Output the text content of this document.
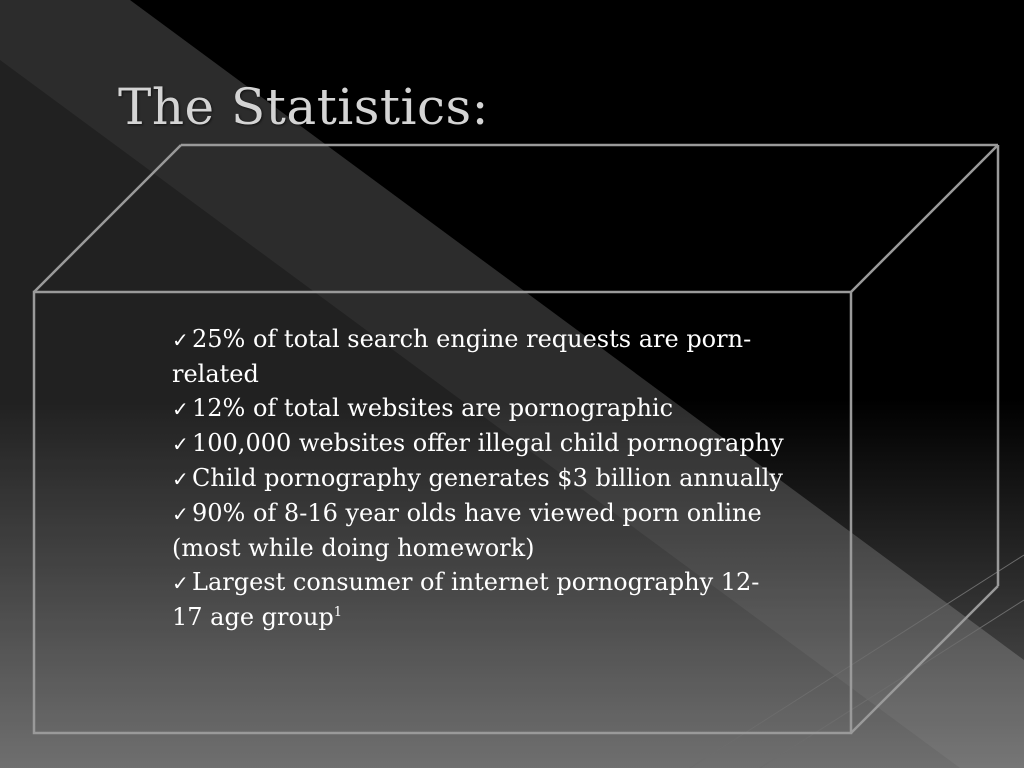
The Statistics:
✓ 25% of total search engine requests are porn-related
✓ 12% of total websites are pornographic
✓ 100,000 websites offer illegal child pornography
✓ Child pornography generates $3 billion annually
✓ 90% of 8-16 year olds have viewed porn online (most while doing homework)
✓ Largest consumer of internet pornography 12-17 age group$^1$
